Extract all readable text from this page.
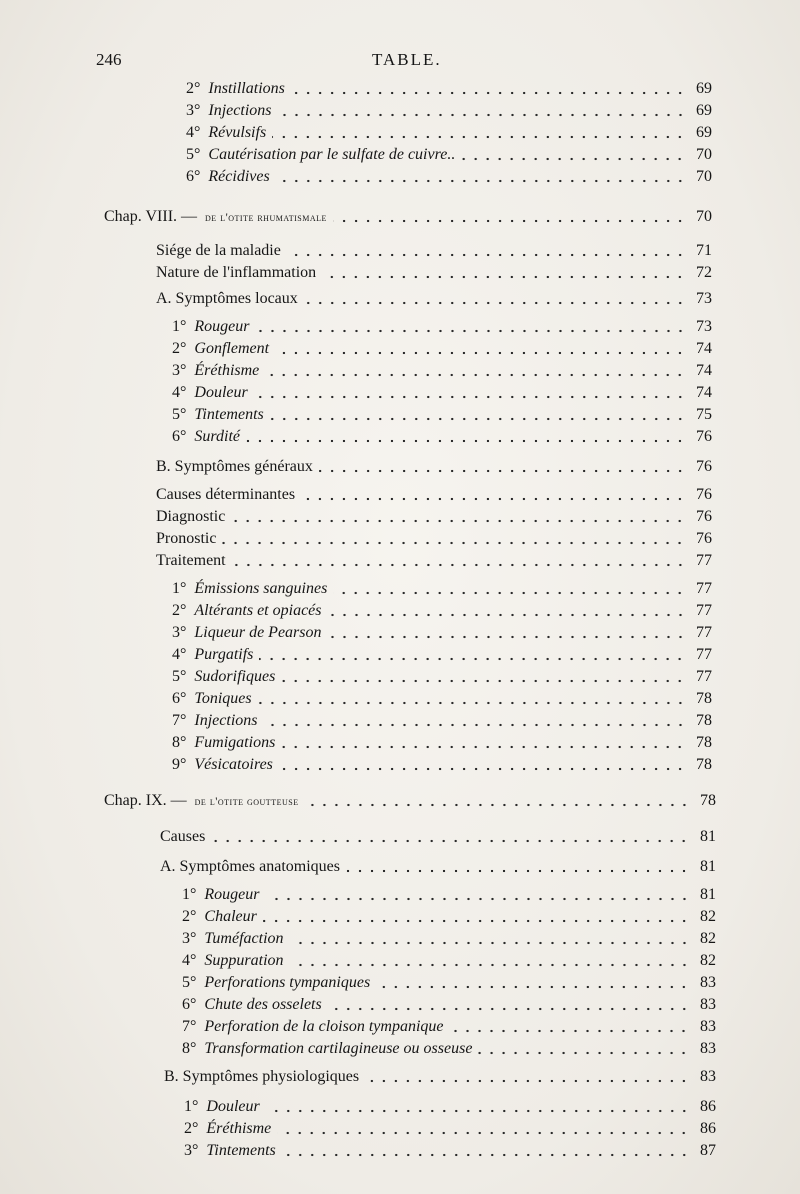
246	TABLE.
2° Instillations	69
3° Injections	69
4° Révulsifs	69
5° Cautérisation par le sulfate de cuivre..	70
6° Récidives	70
Chap. VIII. — de l'otite rhumatismale	70
Siége de la maladie	71
Nature de l'inflammation	72
A. Symptômes locaux	73
1° Rougeur	73
2° Gonflement	74
3° Éréthisme	74
4° Douleur	74
5° Tintements	75
6° Surdité	76
B. Symptômes généraux	76
Causes déterminantes	76
Diagnostic	76
Pronostic	76
Traitement	77
1° Émissions sanguines	77
2° Altérants et opiacés	77
3° Liqueur de Pearson	77
4° Purgatifs	77
5° Sudorifiques	77
6° Toniques	78
7° Injections	78
8° Fumigations	78
9° Vésicatoires	78
Chap. IX. — de l'otite goutteuse	78
Causes	81
A. Symptômes anatomiques	81
1° Rougeur	81
2° Chaleur	82
3° Tuméfaction	82
4° Suppuration	82
5° Perforations tympaniques	83
6° Chute des osselets	83
7° Perforation de la cloison tympanique	83
8° Transformation cartilagineuse ou osseuse	83
B. Symptômes physiologiques	83
1° Douleur	86
2° Éréthisme	86
3° Tintements	87
